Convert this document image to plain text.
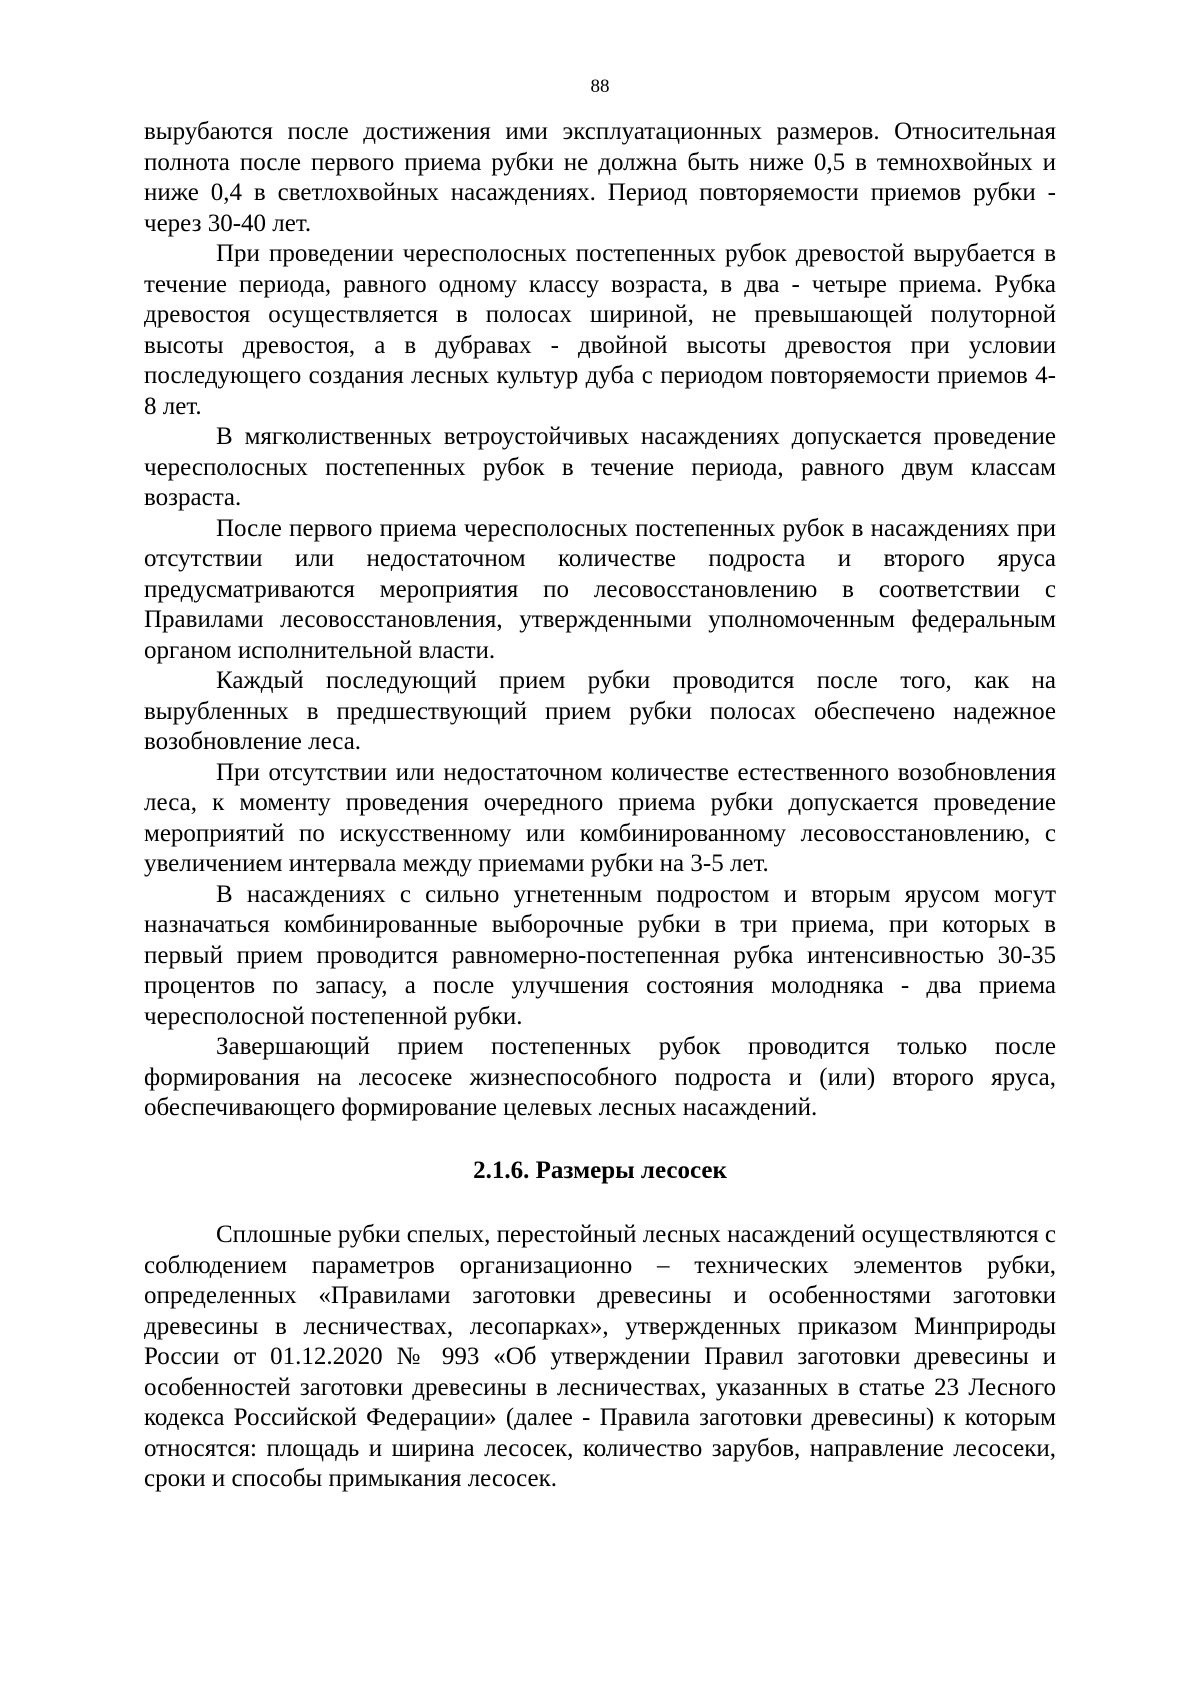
88

вырубаются после достижения ими эксплуатационных размеров. Относительная полнота после первого приема рубки не должна быть ниже 0,5 в темнохвойных и ниже 0,4 в светлохвойных насаждениях. Период повторяемости приемов рубки - через 30-40 лет.

При проведении чересполосных постепенных рубок древостой вырубается в течение периода, равного одному классу возраста, в два - четыре приема. Рубка древостоя осуществляется в полосах шириной, не превышающей полуторной высоты древостоя, а в дубравах - двойной высоты древостоя при условии последующего создания лесных культур дуба с периодом повторяемости приемов 4-8 лет.

В мягколиственных ветроустойчивых насаждениях допускается проведение чересполосных постепенных рубок в течение периода, равного двум классам возраста.

После первого приема чересполосных постепенных рубок в насаждениях при отсутствии или недостаточном количестве подроста и второго яруса предусматриваются мероприятия по лесовосстановлению в соответствии с Правилами лесовосстановления, утвержденными уполномоченным федеральным органом исполнительной власти.

Каждый последующий прием рубки проводится после того, как на вырубленных в предшествующий прием рубки полосах обеспечено надежное возобновление леса.

При отсутствии или недостаточном количестве естественного возобновления леса, к моменту проведения очередного приема рубки допускается проведение мероприятий по искусственному или комбинированному лесовосстановлению, с увеличением интервала между приемами рубки на 3-5 лет.

В насаждениях с сильно угнетенным подростом и вторым ярусом могут назначаться комбинированные выборочные рубки в три приема, при которых в первый прием проводится равномерно-постепенная рубка интенсивностью 30-35 процентов по запасу, а после улучшения состояния молодняка - два приема чересполосной постепенной рубки.

Завершающий прием постепенных рубок проводится только после формирования на лесосеке жизнеспособного подроста и (или) второго яруса, обеспечивающего формирование целевых лесных насаждений.

2.1.6. Размеры лесосек

Сплошные рубки спелых, перестойный лесных насаждений осуществляются с соблюдением параметров организационно – технических элементов рубки, определенных «Правилами заготовки древесины и особенностями заготовки древесины в лесничествах, лесопарках», утвержденных приказом Минприроды России от 01.12.2020 № 993 «Об утверждении Правил заготовки древесины и особенностей заготовки древесины в лесничествах, указанных в статье 23 Лесного кодекса Российской Федерации» (далее - Правила заготовки древесины) к которым относятся: площадь и ширина лесосек, количество зарубов, направление лесосеки, сроки и способы примыкания лесосек.
